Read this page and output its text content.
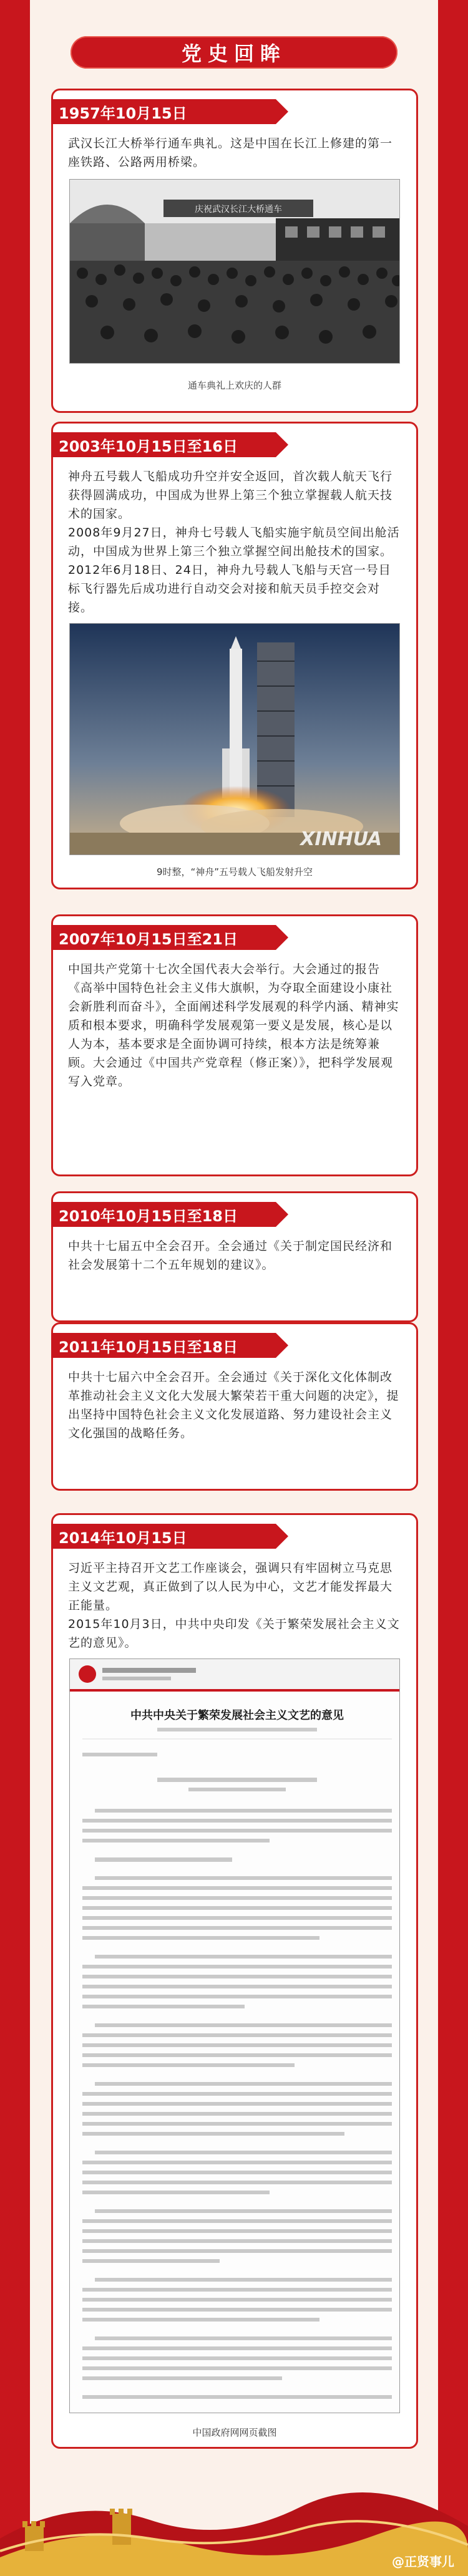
党史回眸
1957年10月15日
武汉长江大桥举行通车典礼。这是中国在长江上修建的第一座铁路、公路两用桥梁。
庆祝武汉长江大桥通车
通车典礼上欢庆的人群
2003年10月15日至16日
神舟五号载人飞船成功升空并安全返回，首次载人航天飞行获得圆满成功，中国成为世界上第三个独立掌握载人航天技术的国家。
2008年9月27日，神舟七号载人飞船实施宇航员空间出舱活动，中国成为世界上第三个独立掌握空间出舱技术的国家。
2012年6月18日、24日，神舟九号载人飞船与天宫一号目标飞行器先后成功进行自动交会对接和航天员手控交会对接。
XINHUA
9时整，“神舟”五号载人飞船发射升空
2007年10月15日至21日
中国共产党第十七次全国代表大会举行。大会通过的报告《高举中国特色社会主义伟大旗帜，为夺取全面建设小康社会新胜利而奋斗》，全面阐述科学发展观的科学内涵、精神实质和根本要求，明确科学发展观第一要义是发展，核心是以人为本，基本要求是全面协调可持续，根本方法是统筹兼顾。大会通过《中国共产党章程（修正案）》，把科学发展观写入党章。
2010年10月15日至18日
中共十七届五中全会召开。全会通过《关于制定国民经济和社会发展第十二个五年规划的建议》。
2011年10月15日至18日
中共十七届六中全会召开。全会通过《关于深化文化体制改革推动社会主义文化大发展大繁荣若干重大问题的决定》，提出坚持中国特色社会主义文化发展道路、努力建设社会主义文化强国的战略任务。
2014年10月15日
习近平主持召开文艺工作座谈会，强调只有牢固树立马克思主义文艺观，真正做到了以人民为中心，文艺才能发挥最大正能量。
2015年10月3日，中共中央印发《关于繁荣发展社会主义文艺的意见》。
中共中央关于繁荣发展社会主义文艺的意见
中国政府网网页截图
@正贤事儿
